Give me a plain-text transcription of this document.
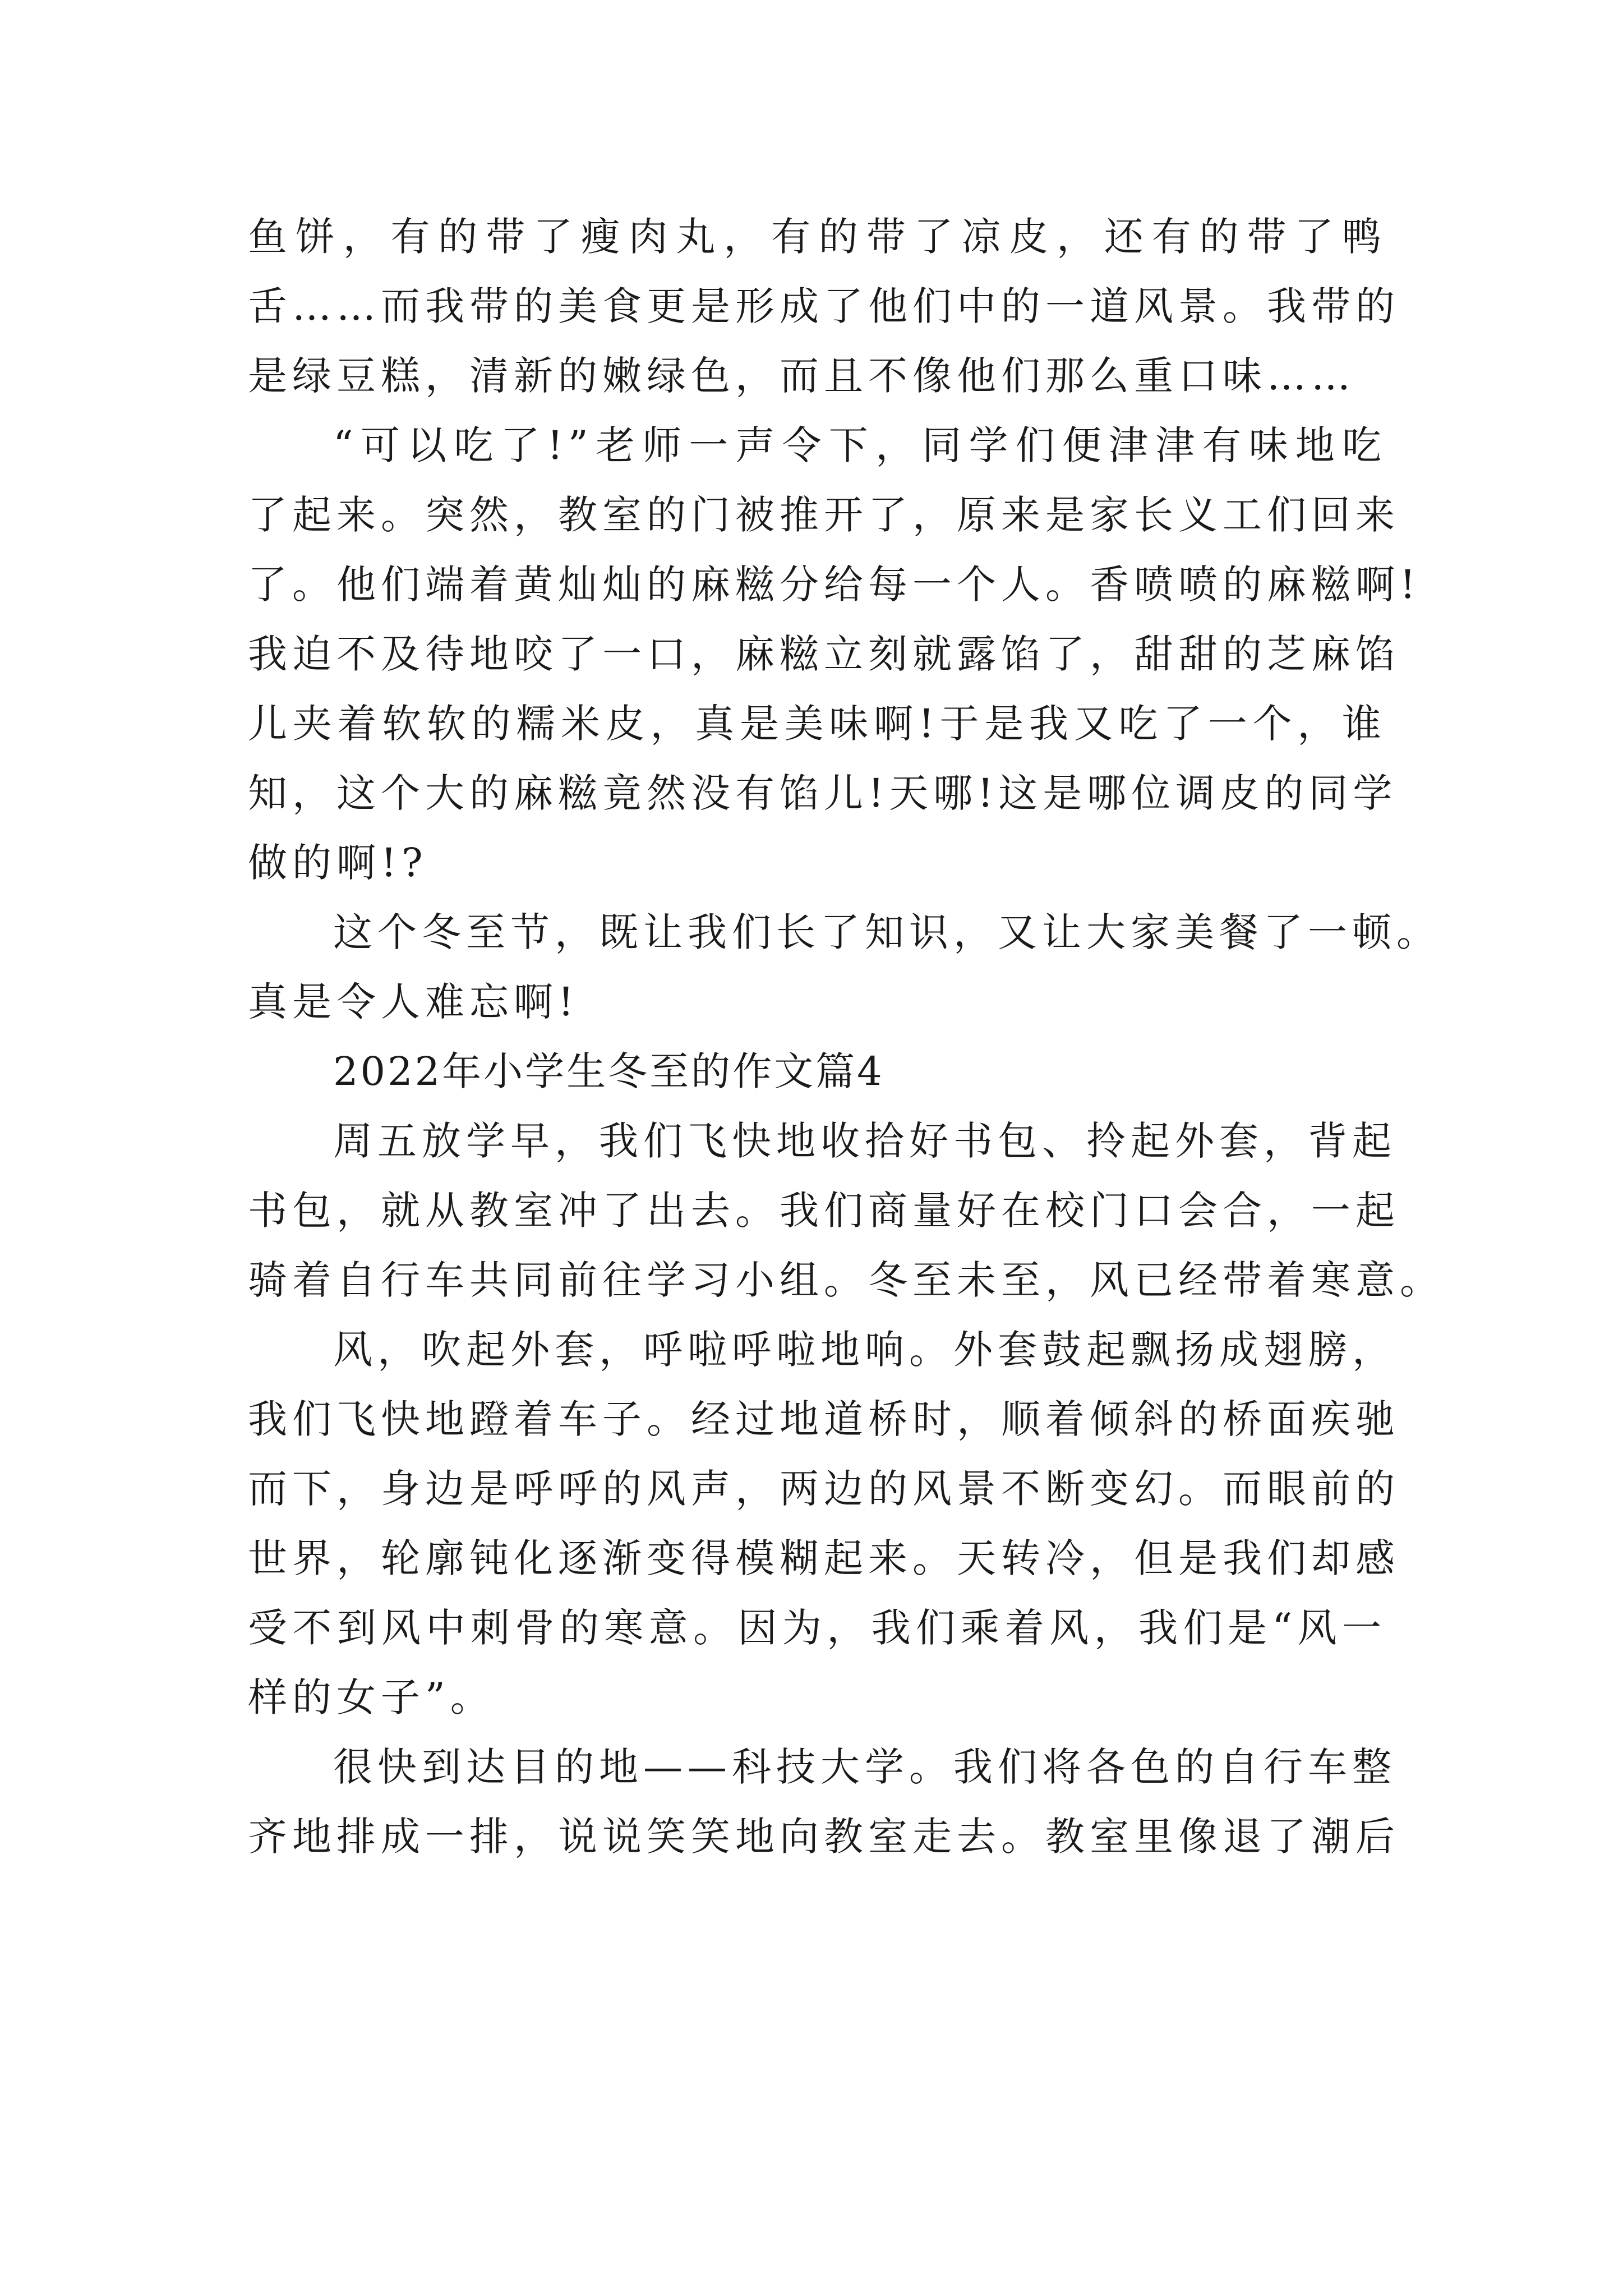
鱼饼，有的带了瘦肉丸，有的带了凉皮，还有的带了鸭
舌……而我带的美食更是形成了他们中的一道风景。我带的
是绿豆糕，清新的嫩绿色，而且不像他们那么重口味……
“可以吃了!”老师一声令下，同学们便津津有味地吃
了起来。突然，教室的门被推开了，原来是家长义工们回来
了。他们端着黄灿灿的麻糍分给每一个人。香喷喷的麻糍啊!
我迫不及待地咬了一口，麻糍立刻就露馅了，甜甜的芝麻馅
儿夹着软软的糯米皮，真是美味啊!于是我又吃了一个，谁
知，这个大的麻糍竟然没有馅儿!天哪!这是哪位调皮的同学
做的啊!?
这个冬至节，既让我们长了知识，又让大家美餐了一顿。
真是令人难忘啊!
2022年小学生冬至的作文篇4
周五放学早，我们飞快地收拾好书包、拎起外套，背起
书包，就从教室冲了出去。我们商量好在校门口会合，一起
骑着自行车共同前往学习小组。冬至未至，风已经带着寒意。
风，吹起外套，呼啦呼啦地响。外套鼓起飘扬成翅膀，
我们飞快地蹬着车子。经过地道桥时，顺着倾斜的桥面疾驰
而下，身边是呼呼的风声，两边的风景不断变幻。而眼前的
世界，轮廓钝化逐渐变得模糊起来。天转冷，但是我们却感
受不到风中刺骨的寒意。因为，我们乘着风，我们是“风一
样的女子”。
很快到达目的地——科技大学。我们将各色的自行车整
齐地排成一排，说说笑笑地向教室走去。教室里像退了潮后
